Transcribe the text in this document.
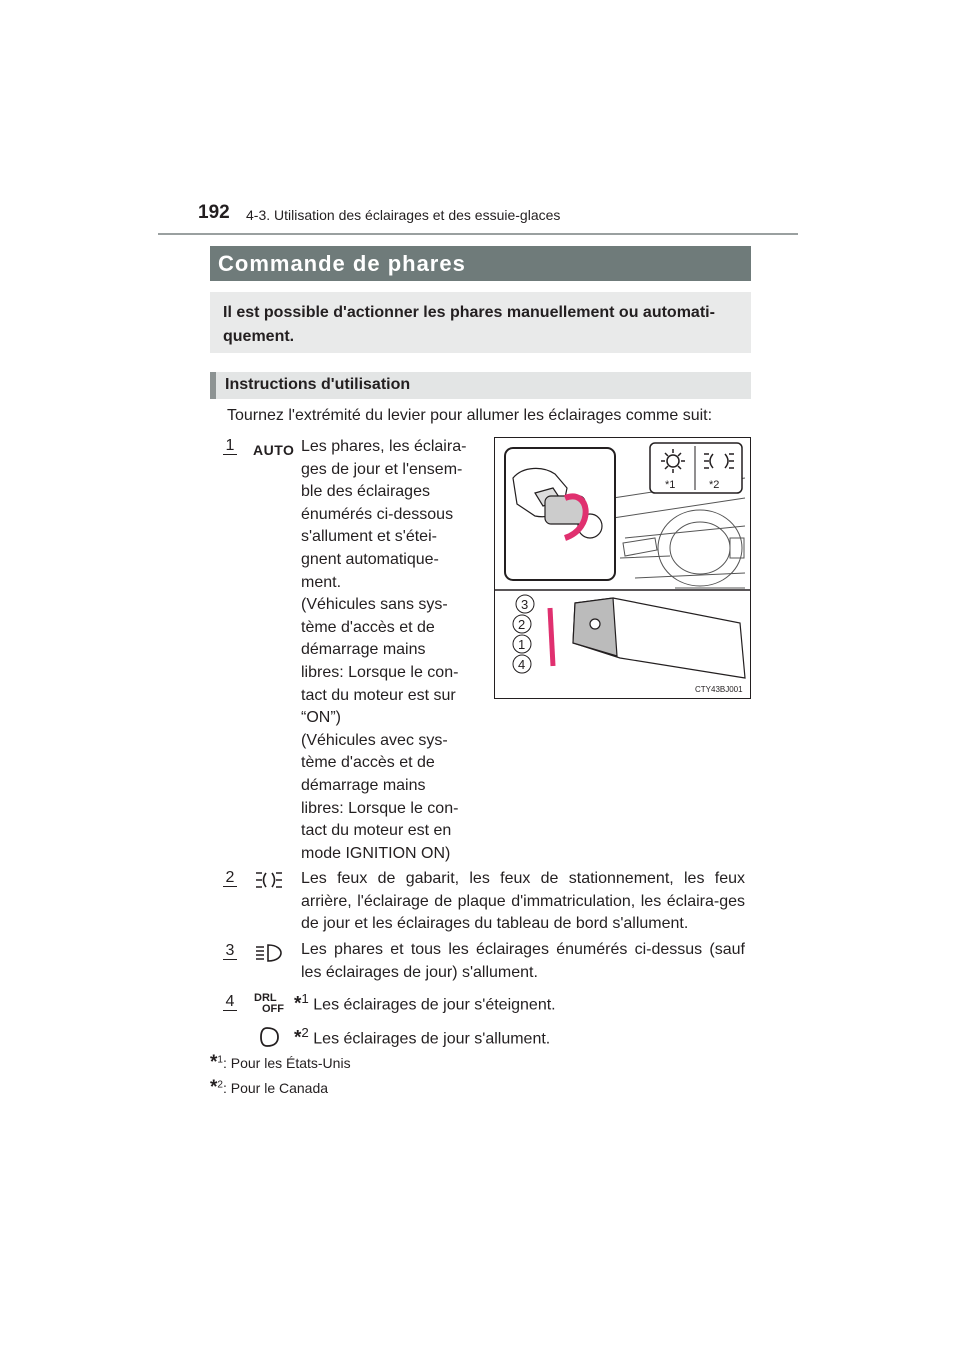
192 4-3. Utilisation des éclairages et des essuie-glaces
Commande de phares

Il est possible d'actionner les phares manuellement ou automati-quement.

Instructions d'utilisation
Tournez l'extrémité du levier pour allumer les éclairages comme suit:
1 AUTO Les phares, les éclaira-
ges de jour et l'ensem-
ble des éclairages
énumérés ci-dessous
s'allument et s'étei-
gnent automatique-
ment.
(Véhicules sans sys-
tème d'accès et de
démarrage mains
libres: Lorsque le con-
tact du moteur est sur
“ON”)
(Véhicules avec sys-
tème d'accès et de
démarrage mains
libres: Lorsque le con-
tact du moteur est en
mode IGNITION ON)
*1	*2
3
2
1
4
CTY43BJ001
2	Les feux de gabarit, les feux de stationnement, les feux arrière, l'éclairage de plaque d'immatriculation, les éclaira-ges de jour et les éclairages du tableau de bord s'allument.
3	Les phares et tous les éclairages énumérés ci-dessus (sauf les éclairages de jour) s'allument.
4 DRL
OFF *$^1$ Les éclairages de jour s'éteignent.
*$^2$ Les éclairages de jour s'allument.
*$^1$: Pour les États-Unis
*$^2$: Pour le Canada
